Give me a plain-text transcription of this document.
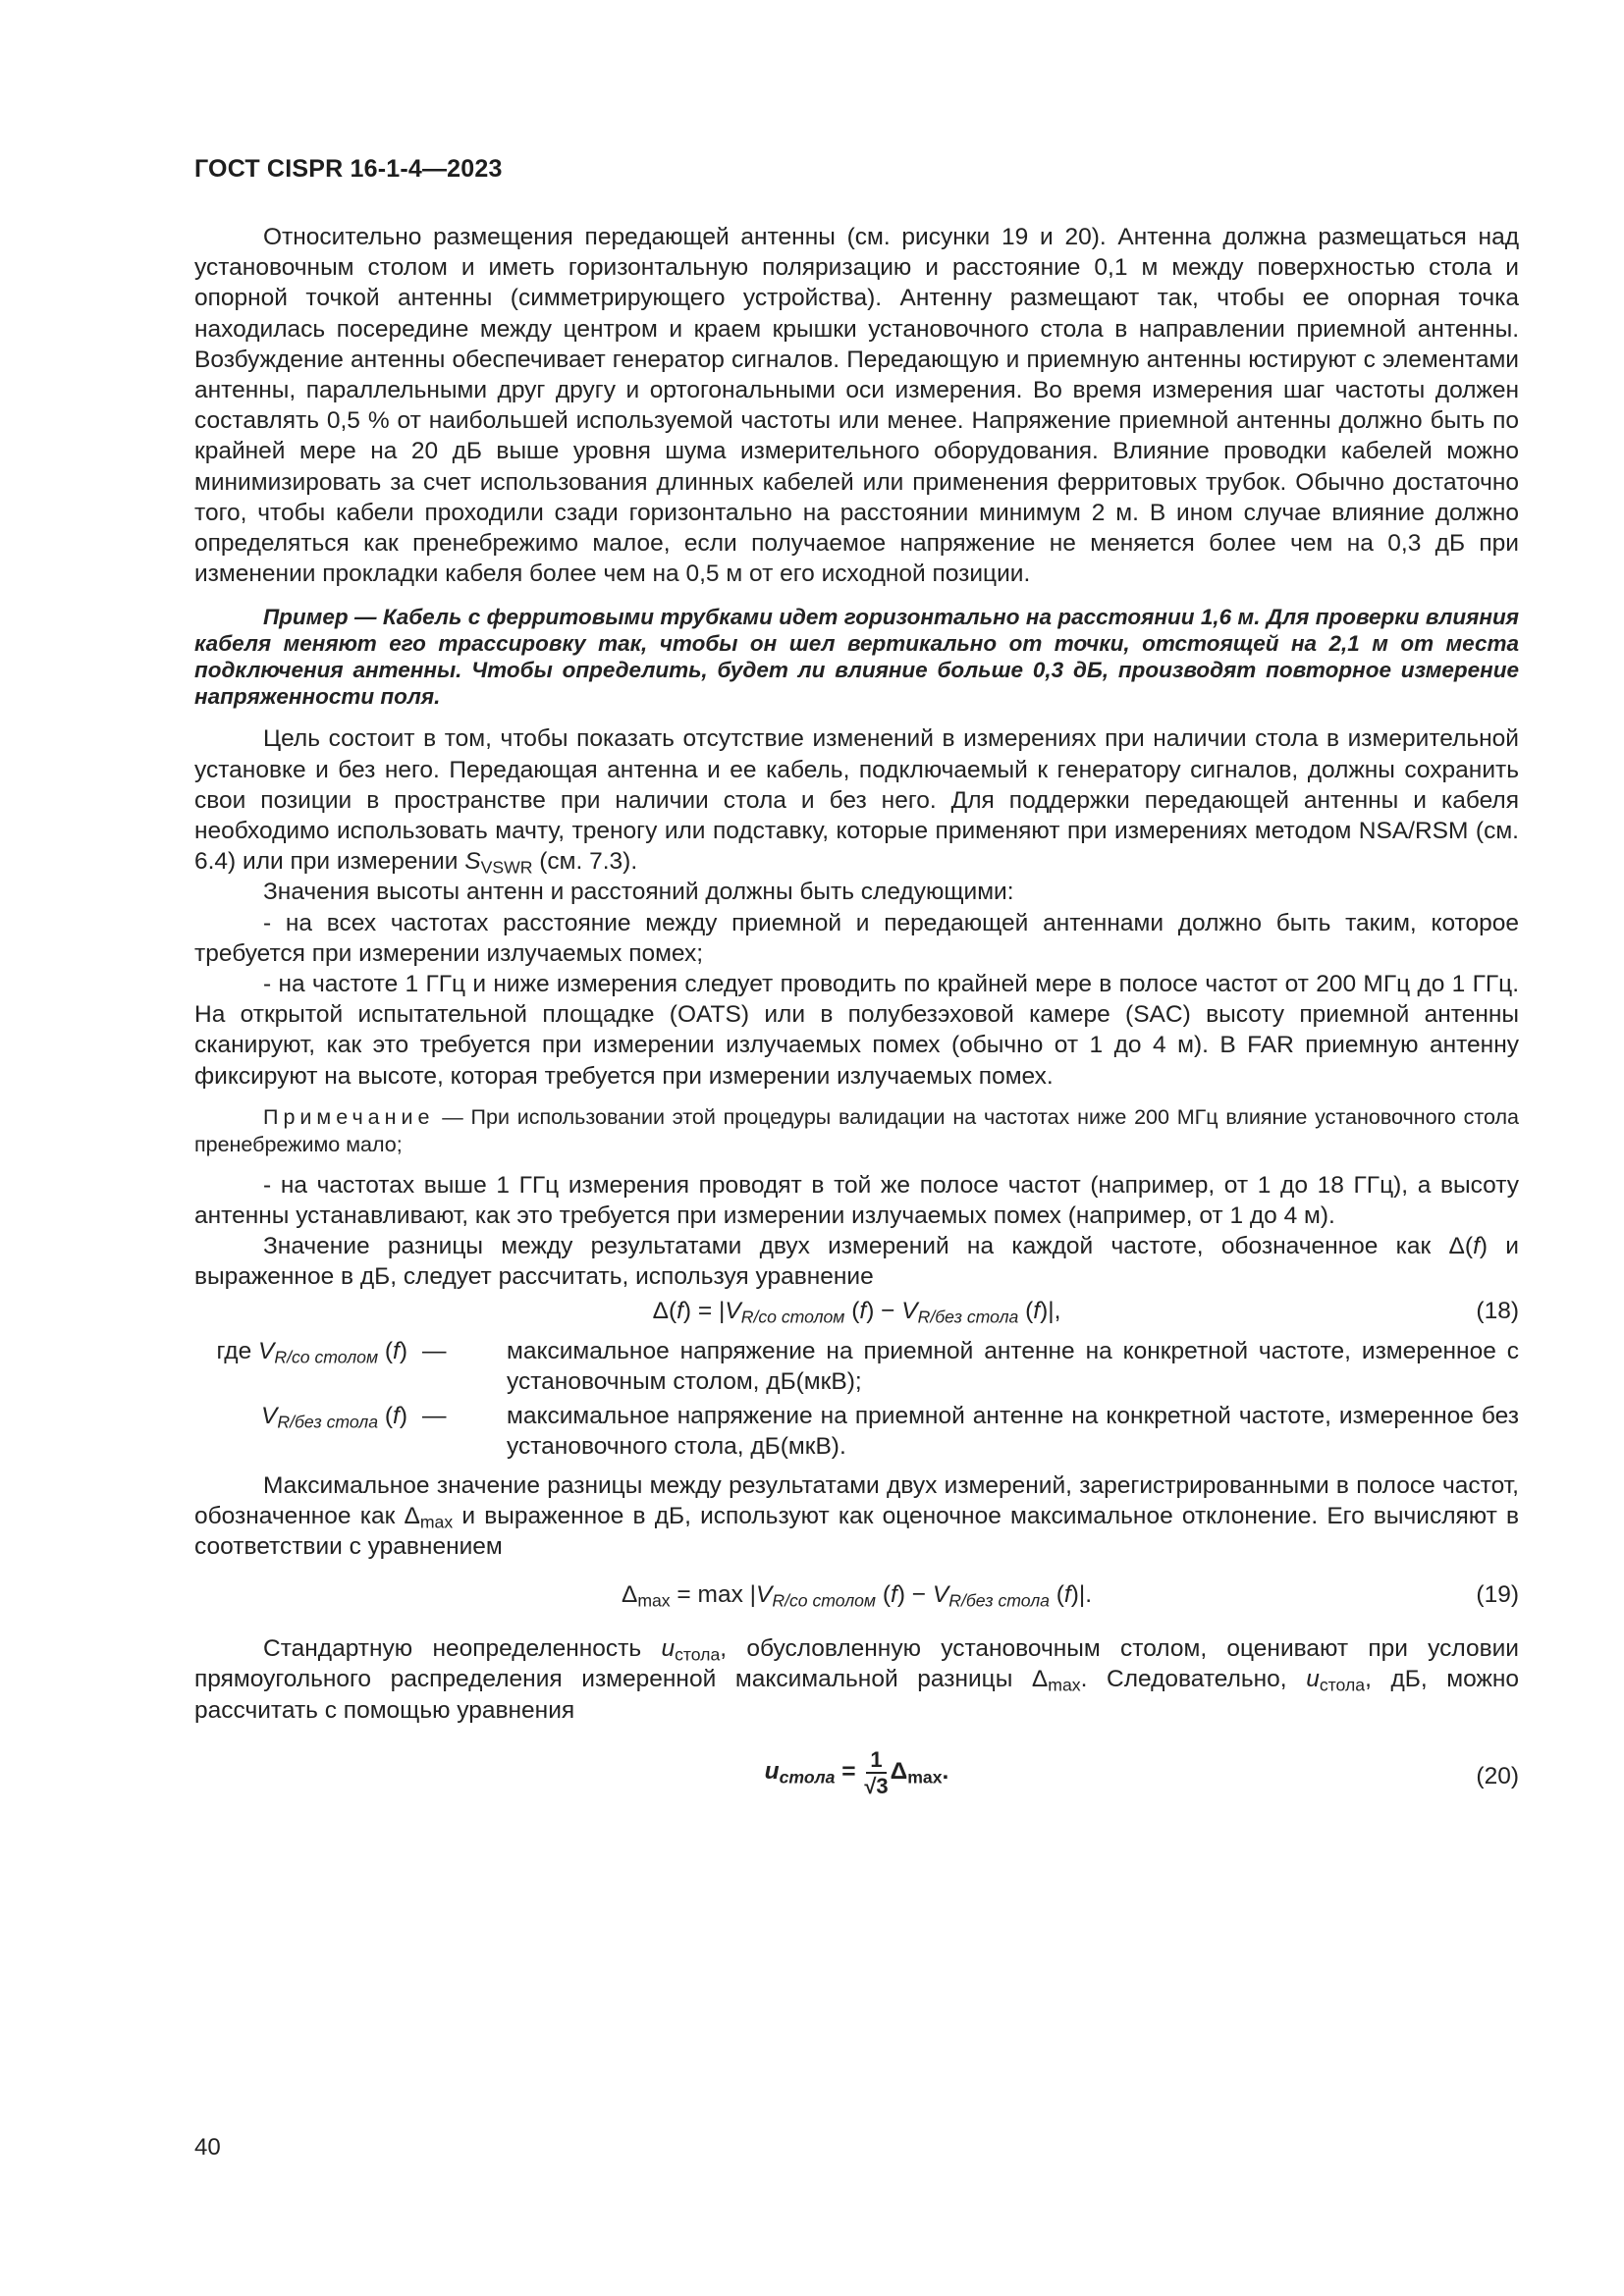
ГОСТ CISPR 16-1-4—2023

Относительно размещения передающей антенны (см. рисунки 19 и 20). Антенна должна размещаться над установочным столом и иметь горизонтальную поляризацию и расстояние 0,1 м между поверхностью стола и опорной точкой антенны (симметрирующего устройства). Антенну размещают так, чтобы ее опорная точка находилась посередине между центром и краем крышки установочного стола в направлении приемной антенны. Возбуждение антенны обеспечивает генератор сигналов. Передающую и приемную антенны юстируют с элементами антенны, параллельными друг другу и ортогональными оси измерения. Во время измерения шаг частоты должен составлять 0,5 % от наибольшей используемой частоты или менее. Напряжение приемной антенны должно быть по крайней мере на 20 дБ выше уровня шума измерительного оборудования. Влияние проводки кабелей можно минимизировать за счет использования длинных кабелей или применения ферритовых трубок. Обычно достаточно того, чтобы кабели проходили сзади горизонтально на расстоянии минимум 2 м. В ином случае влияние должно определяться как пренебрежимо малое, если получаемое напряжение не меняется более чем на 0,3 дБ при изменении прокладки кабеля более чем на 0,5 м от его исходной позиции.

Пример — Кабель с ферритовыми трубками идет горизонтально на расстоянии 1,6 м. Для проверки влияния кабеля меняют его трассировку так, чтобы он шел вертикально от точки, отстоящей на 2,1 м от места подключения антенны. Чтобы определить, будет ли влияние больше 0,3 дБ, производят повторное измерение напряженности поля.

Цель состоит в том, чтобы показать отсутствие изменений в измерениях при наличии стола в измерительной установке и без него. Передающая антенна и ее кабель, подключаемый к генератору сигналов, должны сохранить свои позиции в пространстве при наличии стола и без него. Для поддержки передающей антенны и кабеля необходимо использовать мачту, треногу или подставку, которые применяют при измерениях методом NSA/RSM (см. 6.4) или при измерении $S_{VSWR}$ (см. 7.3).

Значения высоты антенн и расстояний должны быть следующими:

- на всех частотах расстояние между приемной и передающей антеннами должно быть таким, которое требуется при измерении излучаемых помех;

- на частоте 1 ГГц и ниже измерения следует проводить по крайней мере в полосе частот от 200 МГц до 1 ГГц. На открытой испытательной площадке (OATS) или в полубезэховой камере (SAC) высоту приемной антенны сканируют, как это требуется при измерении излучаемых помех (обычно от 1 до 4 м). В FAR приемную антенну фиксируют на высоте, которая требуется при измерении излучаемых помех.

Примечание — При использовании этой процедуры валидации на частотах ниже 200 МГц влияние установочного стола пренебрежимо мало;

- на частотах выше 1 ГГц измерения проводят в той же полосе частот (например, от 1 до 18 ГГц), а высоту антенны устанавливают, как это требуется при измерении излучаемых помех (например, от 1 до 4 м).

Значение разницы между результатами двух измерений на каждой частоте, обозначенное как Δ(f) и выраженное в дБ, следует рассчитать, используя уравнение

$\Delta(f) = |V_{R/со столом}$ $(f) - V_{R/без стола}$ (f)|,	(18)
где $V_{R/со столом}$ (f) —	максимальное напряжение на приемной антенне на конкретной частоте, измеренное с установочным столом, дБ(мкВ);
$V_{R/без стола}$ (f) —	максимальное напряжение на приемной антенне на конкретной частоте, измеренное без установочного стола, дБ(мкВ).

Максимальное значение разницы между результатами двух измерений, зарегистрированными в полосе частот, обозначенное как $\Delta_{max}$ и выраженное в дБ, используют как оценочное максимальное отклонение. Его вычисляют в соответствии с уравнением

$\Delta_{max} = \max |V_{R/со столом}$ $(f) - V_{R/без стола}$ (f)|.	(19)

Стандартную неопределенность $u_{стола}$, обусловленную установочным столом, оценивают при условии прямоугольного распределения измеренной максимальной разницы $\Delta_{max}$. Следовательно, $u_{стола}$, дБ, можно рассчитать с помощью уравнения

$u_{стола} = \frac{1}{√3} \Delta_{max}$.	(20)
40
